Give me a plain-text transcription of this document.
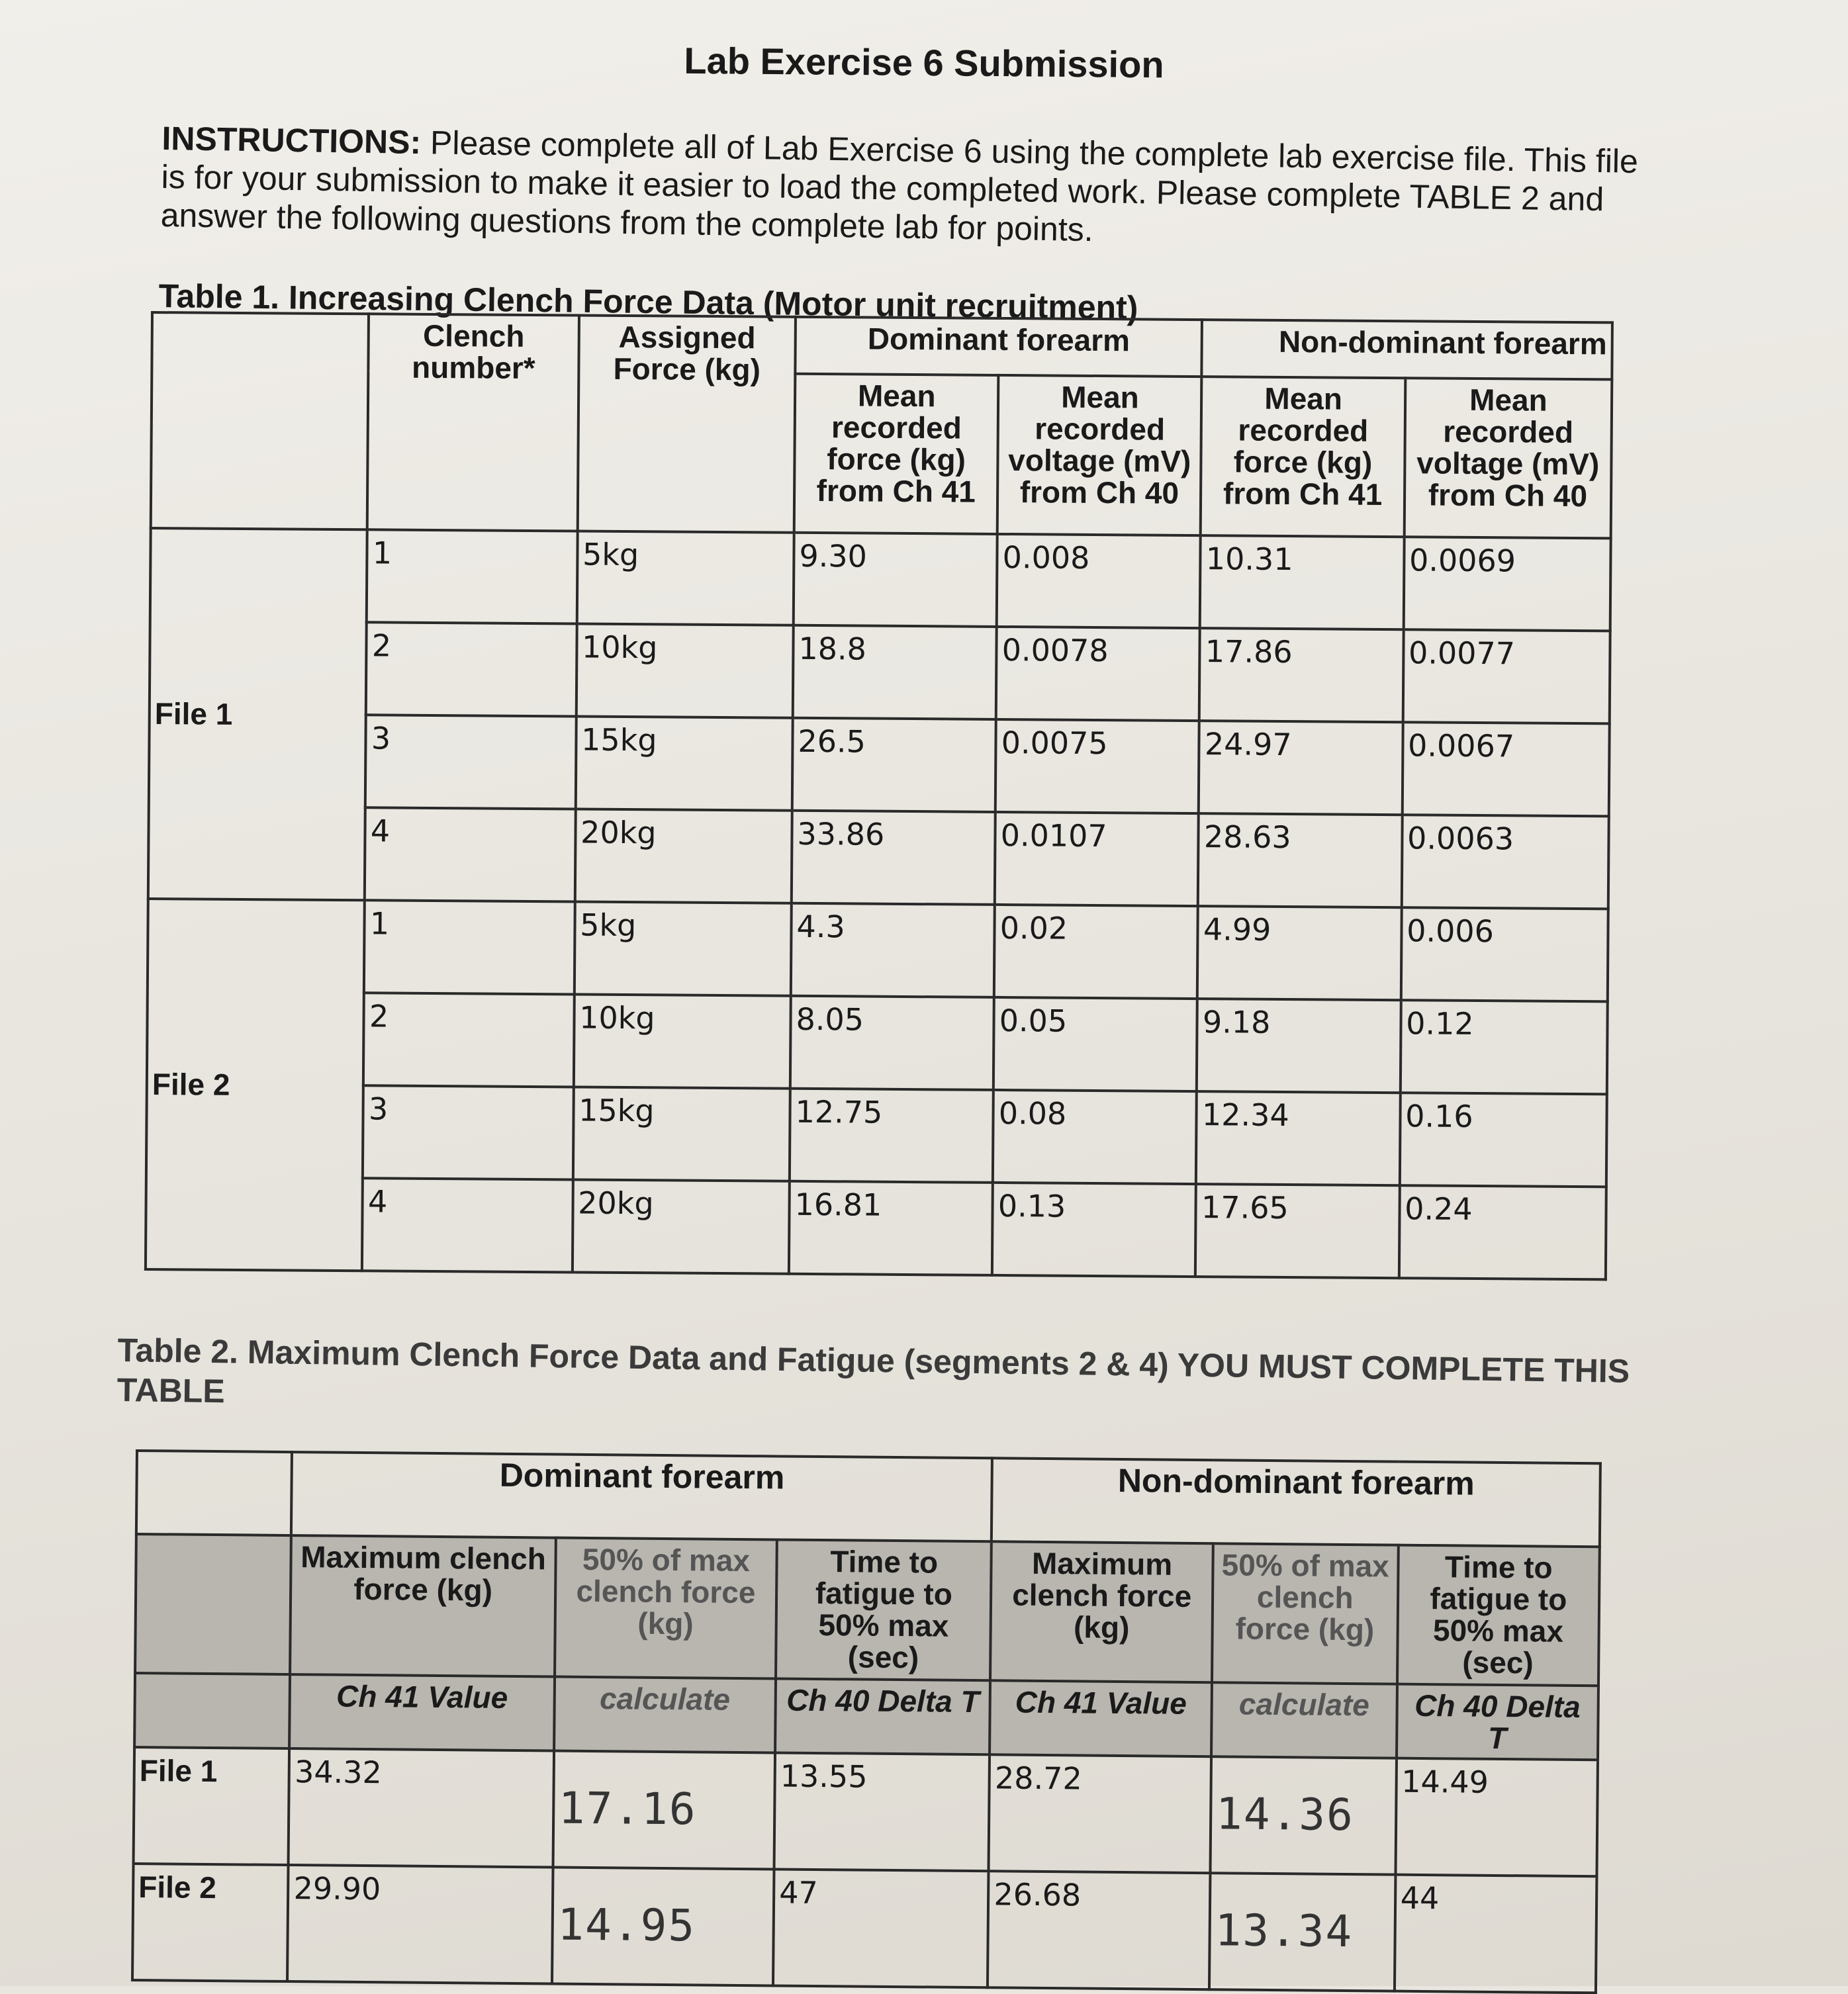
Lab Exercise 6 Submission
INSTRUCTIONS: Please complete all of Lab Exercise 6 using the complete lab exercise file. This file is for your submission to make it easier to load the completed work. Please complete TABLE 2 and answer the following questions from the complete lab for points.
Table 1. Increasing Clench Force Data (Motor unit recruitment)
	Clench number*	Assigned Force (kg)	Dominant forearm		Non-dominant forearm	
			Mean recorded force (kg) from Ch 41	Mean recorded voltage (mV) from Ch 40	Mean recorded force (kg) from Ch 41	Mean recorded voltage (mV) from Ch 40
File 1	1	5kg	9.30	0.008	10.31	0.0069
	2	10kg	18.8	0.0078	17.86	0.0077
	3	15kg	26.5	0.0075	24.97	0.0067
	4	20kg	33.86	0.0107	28.63	0.0063
File 2	1	5kg	4.3	0.02	4.99	0.006
	2	10kg	8.05	0.05	9.18	0.12
	3	15kg	12.75	0.08	12.34	0.16
	4	20kg	16.81	0.13	17.65	0.24
Table 2. Maximum Clench Force Data and Fatigue (segments 2 & 4) YOU MUST COMPLETE THIS TABLE
	Dominant forearm			Non-dominant forearm		
	Maximum clench force (kg)	50% of max clench force (kg)	Time to fatigue to 50% max (sec)	Maximum clench force (kg)	50% of max clench force (kg)	Time to fatigue to 50% max (sec)
	Ch 41 Value	calculate	Ch 40 Delta T	Ch 41 Value	calculate	Ch 40 Delta T
File 1	34.32	17.16	13.55	28.72	14.36	14.49
File 2	29.90	14.95	47	26.68	13.34	44
